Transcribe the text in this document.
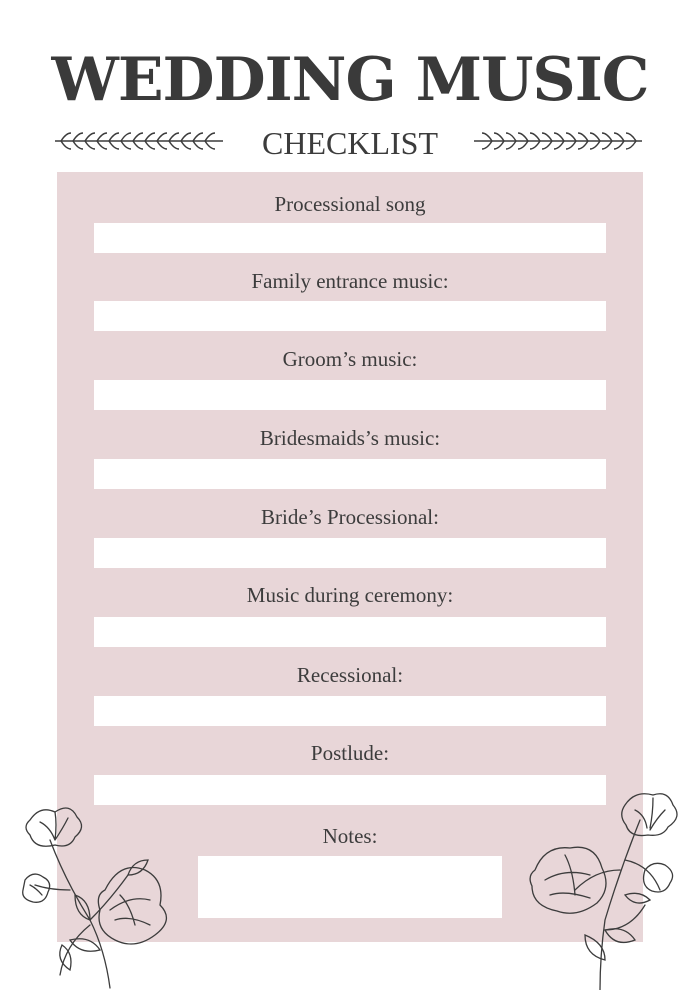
WEDDING MUSIC
CHECKLIST
Processional song
Family entrance music:
Groom’s music:
Bridesmaids’s music:
Bride’s Processional:
Music during ceremony:
Recessional:
Postlude:
Notes:
